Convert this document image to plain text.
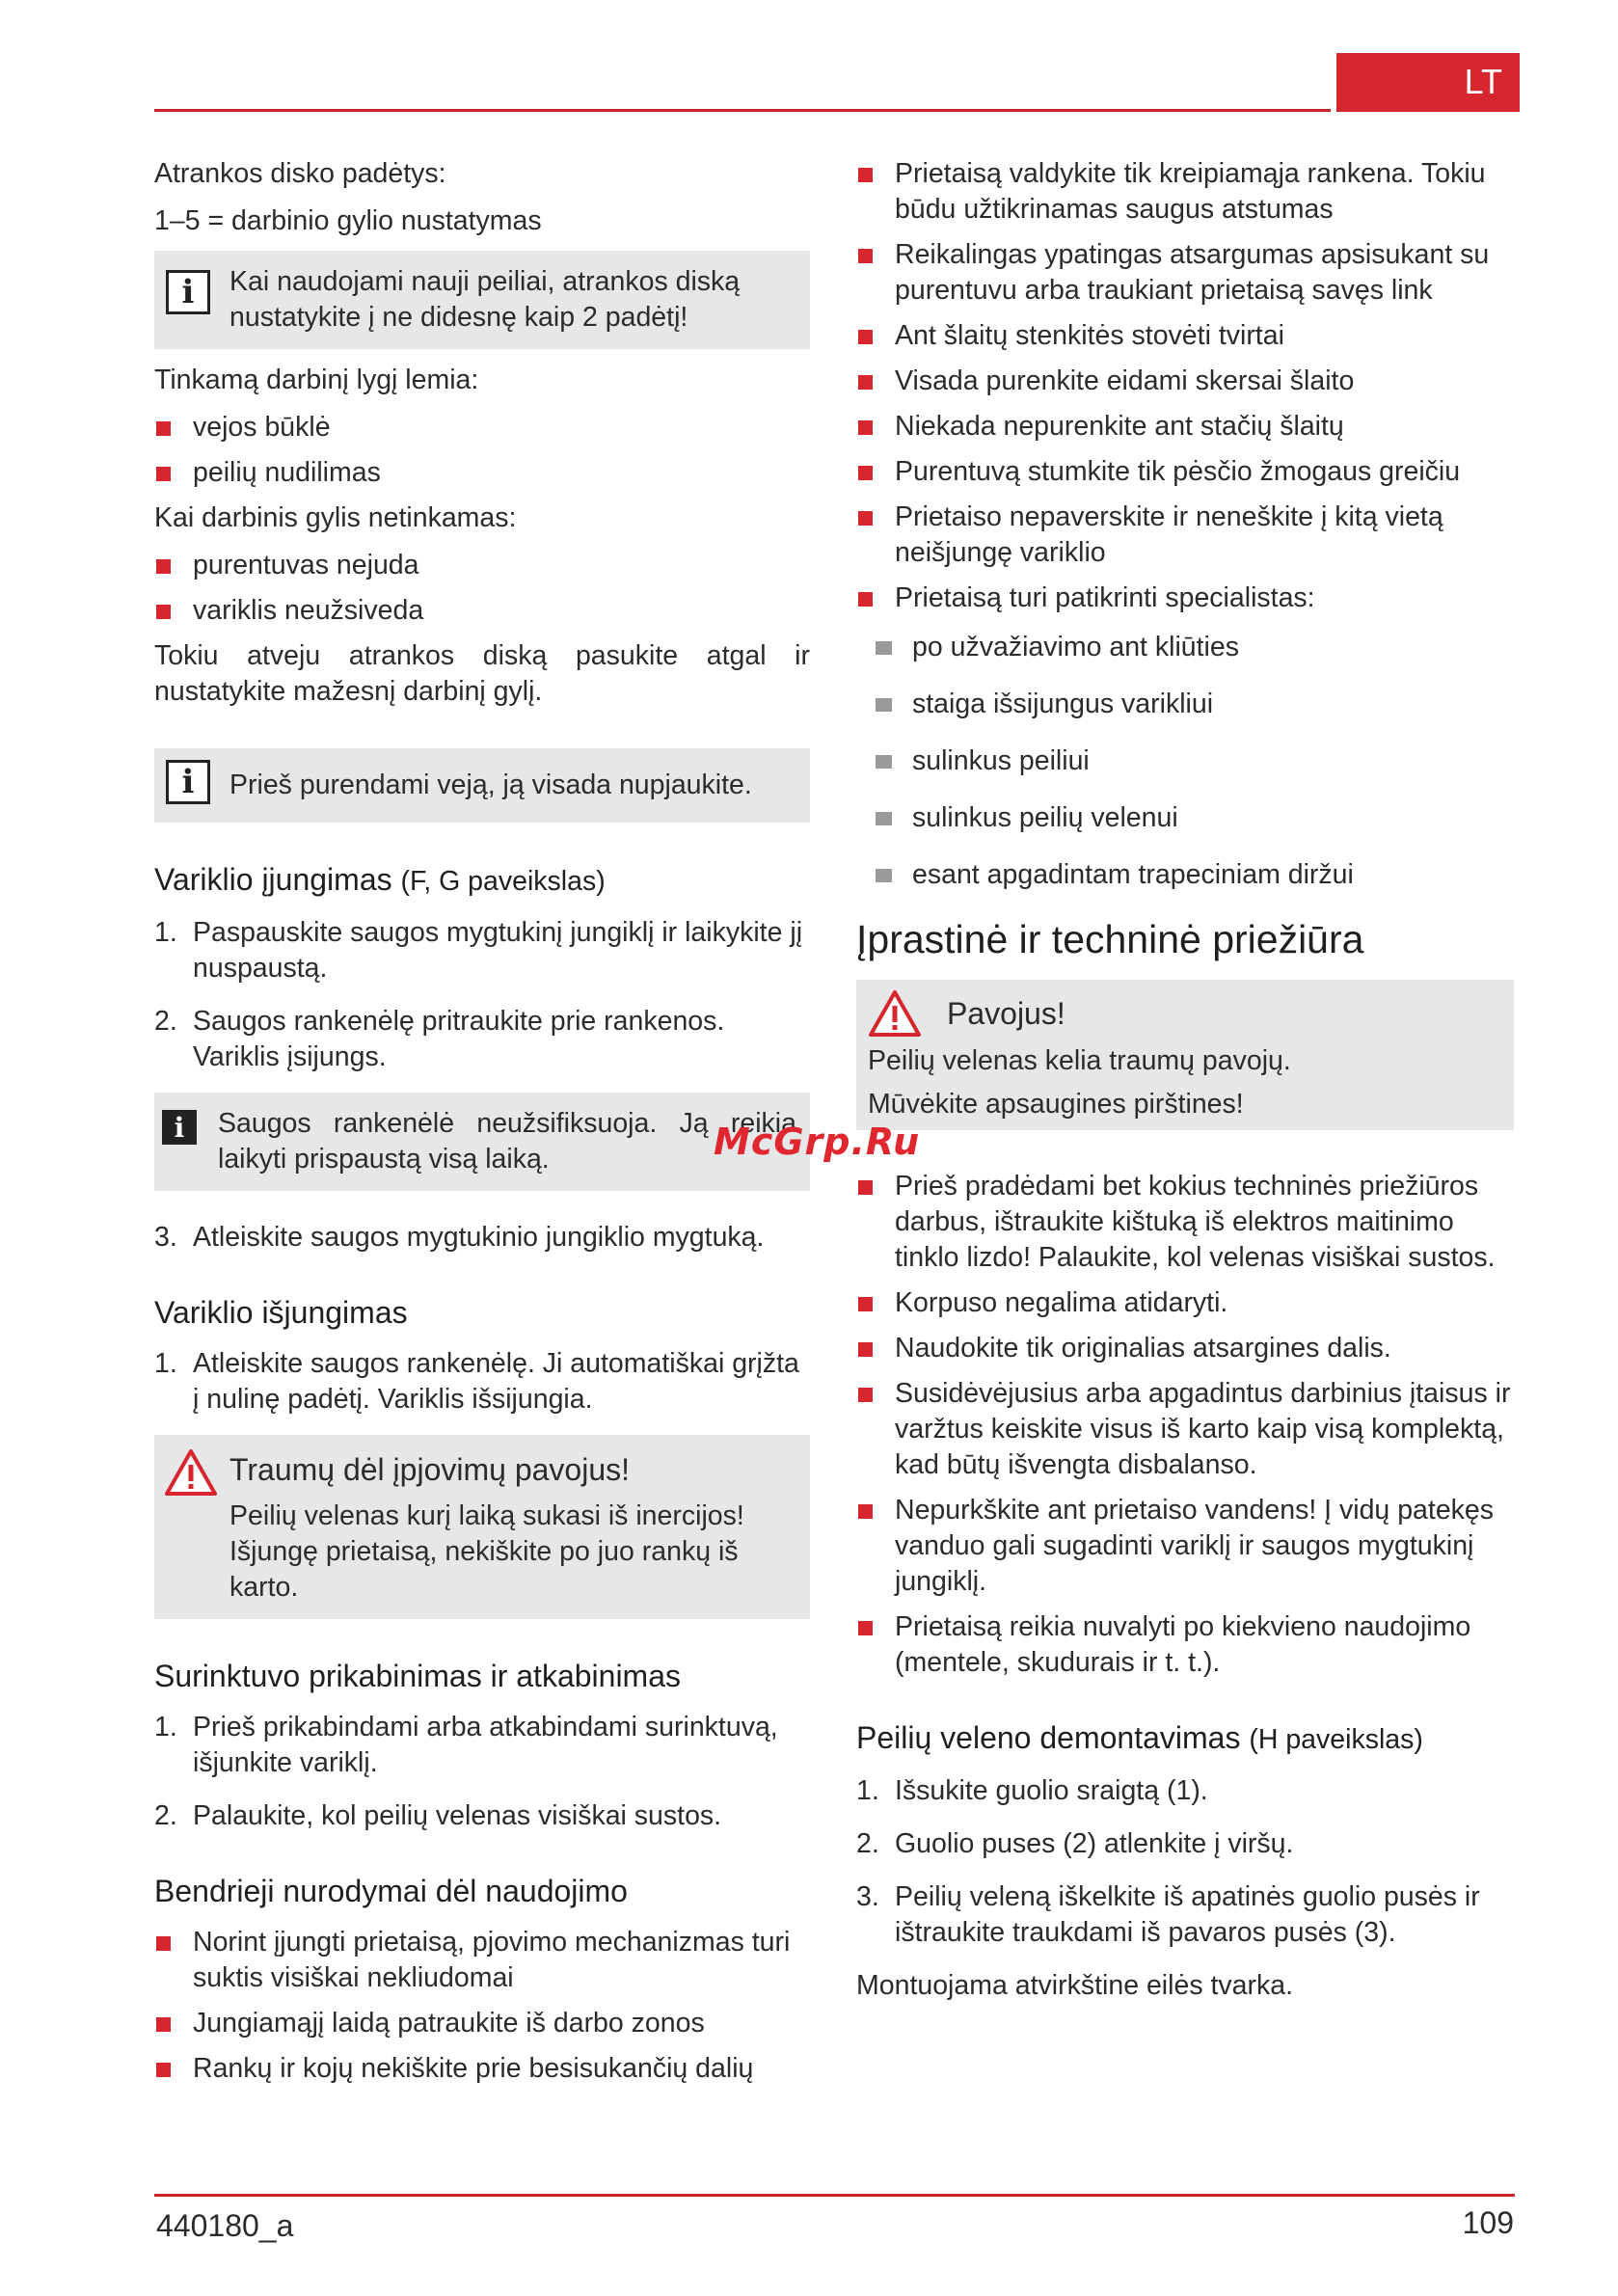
LT

Atrankos disko padėtys:

1–5 = darbinio gylio nustatymas

i	Kai naudojami nauji peiliai, atrankos diską nustatykite į ne didesnę kaip 2 padėtį!

Tinkamą darbinį lygį lemia:

vejos būklė
peilių nudilimas

Kai darbinis gylis netinkamas:

purentuvas nejuda
variklis neužsiveda

Tokiu atveju atrankos diską pasukite atgal ir nustatykite mažesnį darbinį gylį.

i	Prieš purendami veją, ją visada nupjaukite.

Variklio įjungimas (F, G paveikslas)
1. Paspauskite saugos mygtukinį jungiklį ir laikykite jį nuspaustą.
2. Saugos rankenėlę pritraukite prie rankenos. Variklis įsijungs.
i	Saugos rankenėlė neužsifiksuoja. Ją reikia laikyti prispaustą visą laiką.

3. Atleiskite saugos mygtukinio jungiklio mygtuką.
Variklio išjungimas
1. Atleiskite saugos rankenėlę. Ji automatiškai grįžta į nulinę padėtį. Variklis išsijungia.
Traumų dėl įpjovimų pavojus!

Peilių velenas kurį laiką sukasi iš inercijos! Išjungę prietaisą, nekiškite po juo rankų iš karto.

Surinktuvo prikabinimas ir atkabinimas
1. Prieš prikabindami arba atkabindami surinktuvą, išjunkite variklį.
2. Palaukite, kol peilių velenas visiškai sustos.
Bendrieji nurodymai dėl naudojimo
Norint įjungti prietaisą, pjovimo mechanizmas turi suktis visiškai nekliudomai
Jungiamąjį laidą patraukite iš darbo zonos
Rankų ir kojų nekiškite prie besisukančių dalių
Prietaisą valdykite tik kreipiamąja rankena. Tokiu būdu užtikrinamas saugus atstumas
Reikalingas ypatingas atsargumas apsisukant su purentuvu arba traukiant prietaisą savęs link
Ant šlaitų stenkitės stovėti tvirtai
Visada purenkite eidami skersai šlaito
Niekada nepurenkite ant stačių šlaitų
Purentuvą stumkite tik pėsčio žmogaus greičiu
Prietaiso nepaverskite ir neneškite į kitą vietą neišjungę variklio
Prietaisą turi patikrinti specialistas:
po užvažiavimo ant kliūties
staiga išsijungus varikliui
sulinkus peiliui
sulinkus peilių velenui
esant apgadintam trapeciniam diržui
Įprastinė ir techninė priežiūra
Pavojus!

Peilių velenas kelia traumų pavojų.

Mūvėkite apsaugines pirštines!

Prieš pradėdami bet kokius techninės priežiūros darbus, ištraukite kištuką iš elektros maitinimo tinklo lizdo! Palaukite, kol velenas visiškai sustos.
Korpuso negalima atidaryti.
Naudokite tik originalias atsargines dalis.
Susidėvėjusius arba apgadintus darbinius įtaisus ir varžtus keiskite visus iš karto kaip visą komplektą, kad būtų išvengta disbalanso.
Nepurkškite ant prietaiso vandens! Į vidų patekęs vanduo gali sugadinti variklį ir saugos mygtukinį jungiklį.
Prietaisą reikia nuvalyti po kiekvieno naudojimo (mentele, skudurais ir t. t.).
Peilių veleno demontavimas (H paveikslas)
1. Išsukite guolio sraigtą (1).
2. Guolio puses (2) atlenkite į viršų.
3. Peilių veleną iškelkite iš apatinės guolio pusės ir ištraukite traukdami iš pavaros pusės (3).

Montuojama atvirkštine eilės tvarka.

McGrp.Ru
440180_a	109
